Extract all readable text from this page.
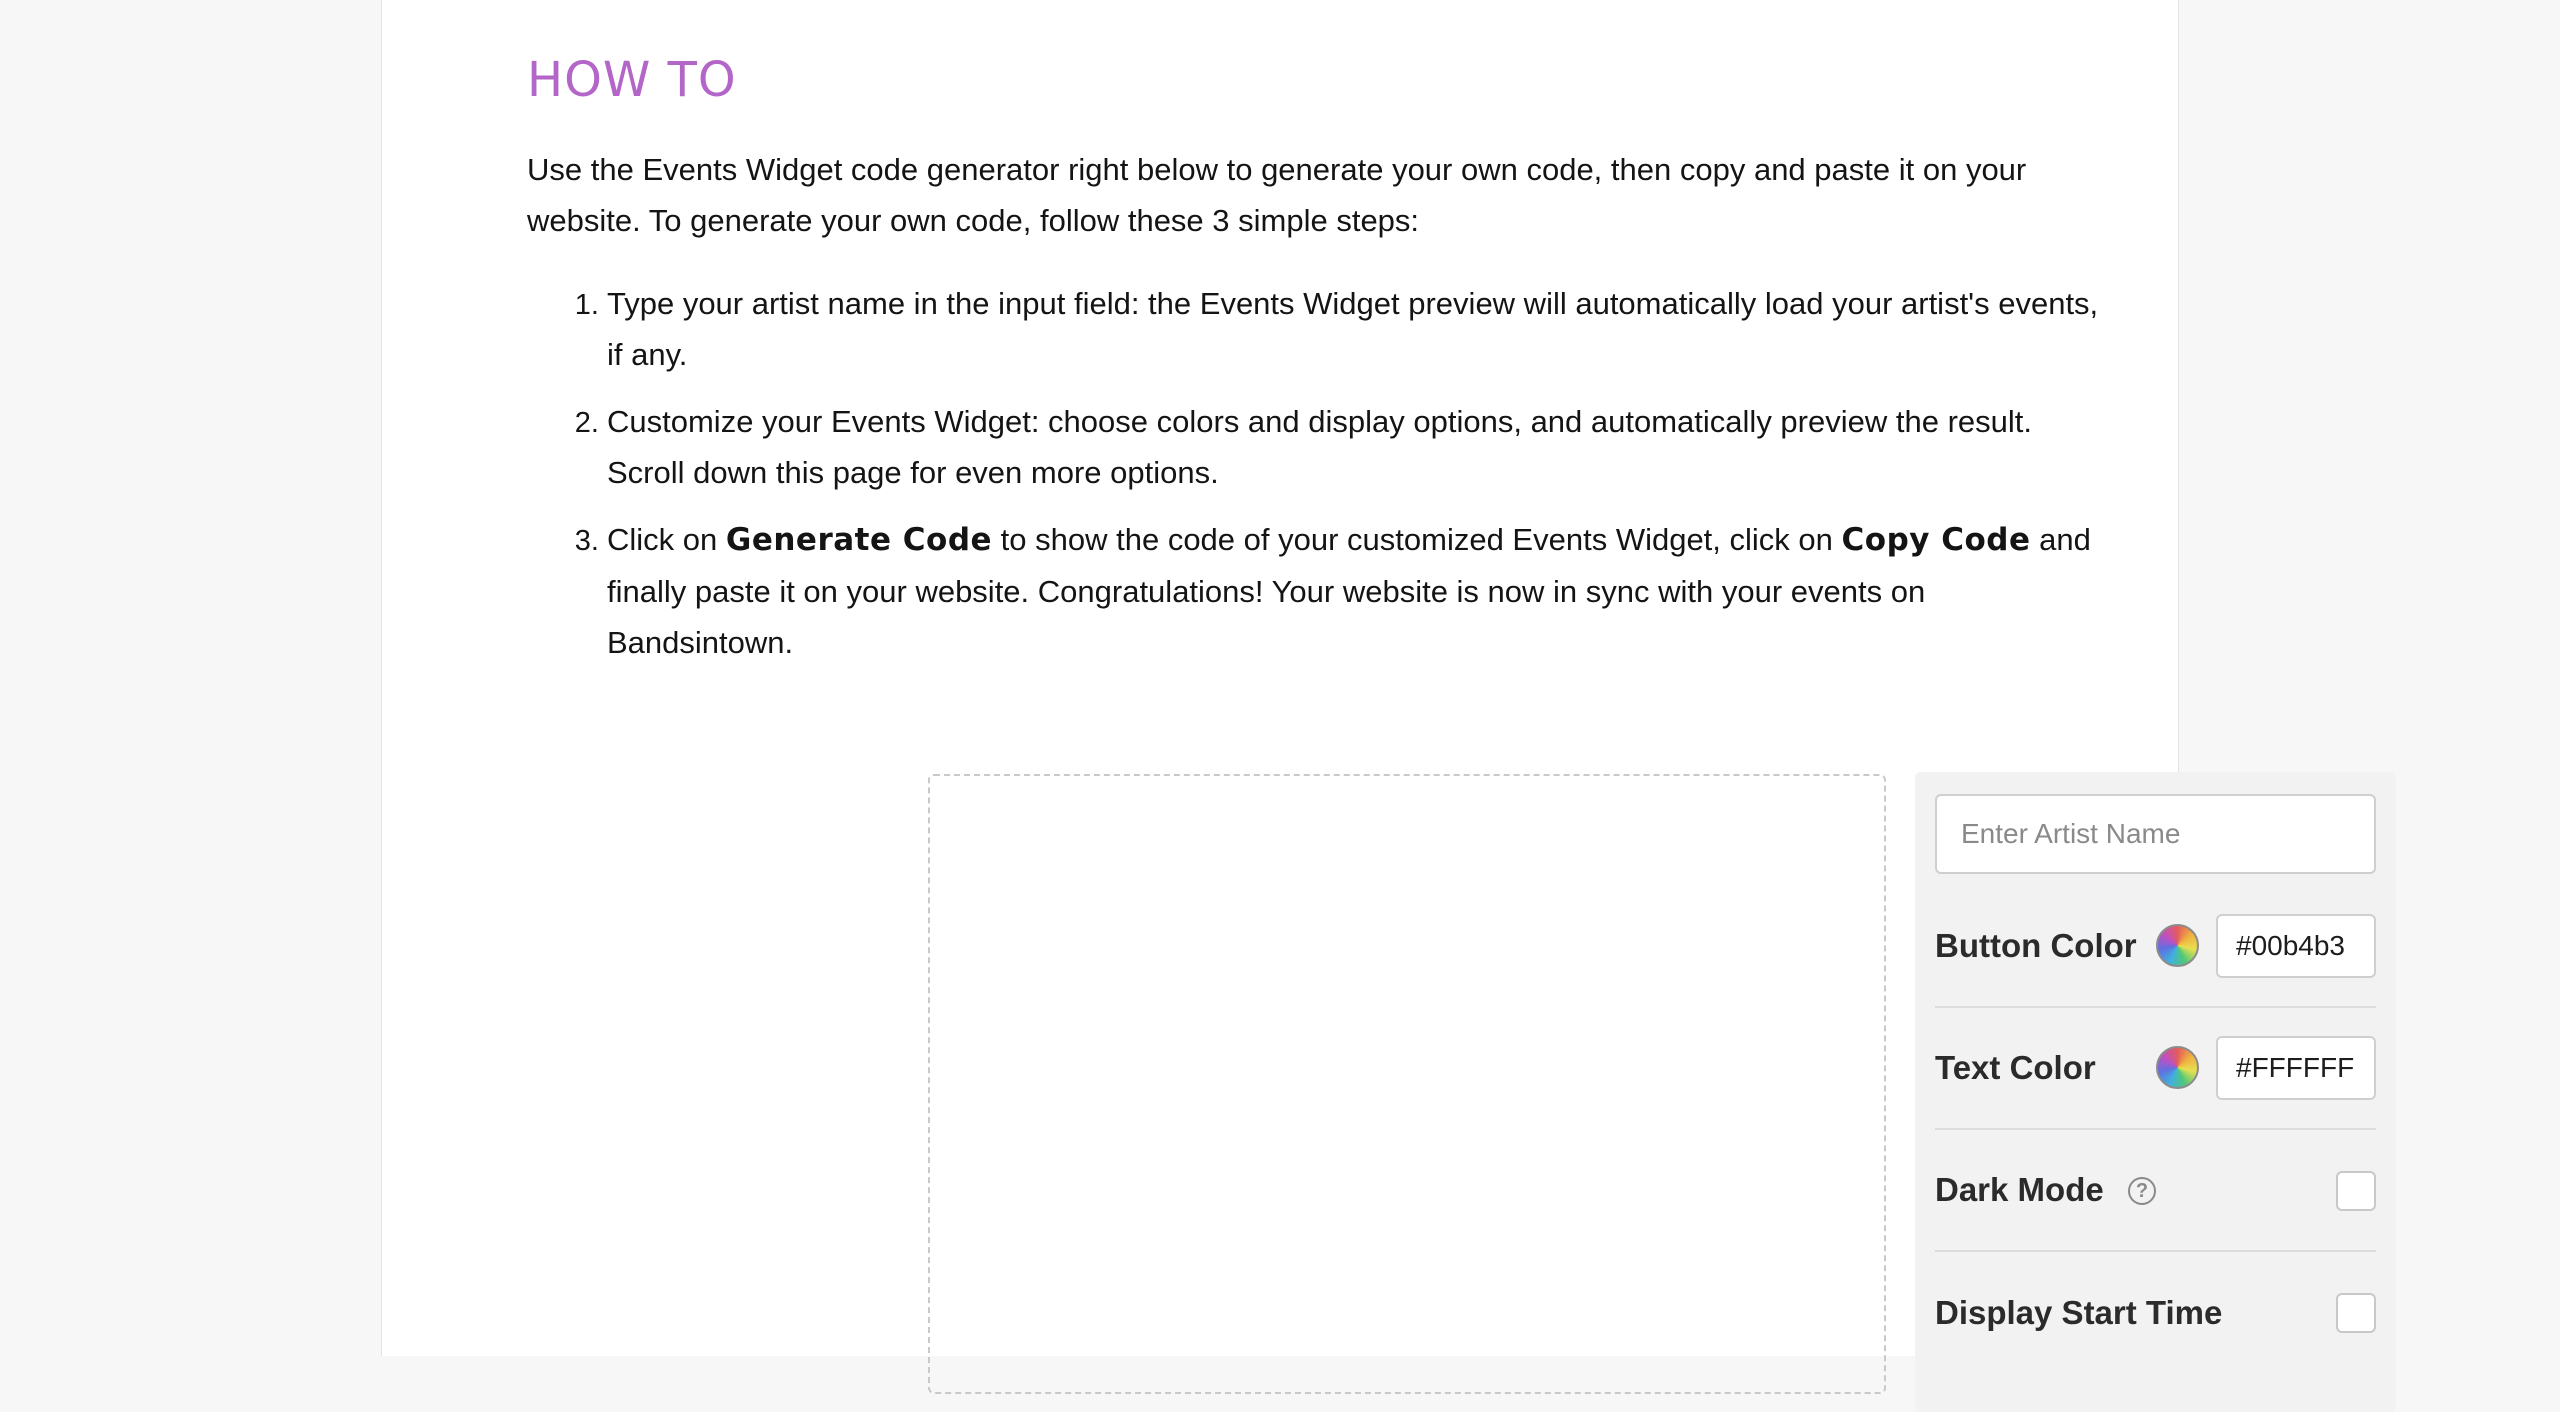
HOW TO

Use the Events Widget code generator right below to generate your own code, then copy and paste it on your website. To generate your own code, follow these 3 simple steps:

1. Type your artist name in the input field: the Events Widget preview will automatically load your artist's events, if any.
2. Customize your Events Widget: choose colors and display options, and automatically preview the result. Scroll down this page for even more options.
3. Click on Generate Code to show the code of your customized Events Widget, click on Copy Code and finally paste it on your website. Congratulations! Your website is now in sync with your events on Bandsintown.
Enter Artist Name
Button Color
#00b4b3
Text Color
#FFFFFF
Dark Mode	?
Display Start Time
